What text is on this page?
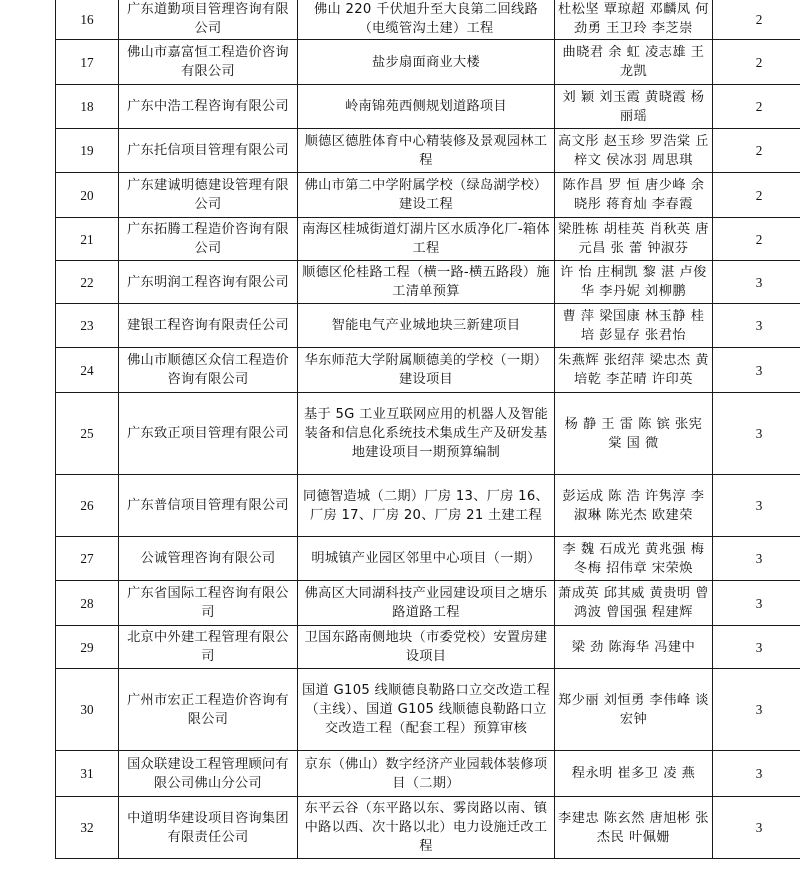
16	广东道勤项目管理咨询有限公司	佛山 220 千伏旭升至大良第二回线路（电缆管沟土建）工程	杜松坚 覃琼超 邓麟凤 何劲勇 王卫玲 李芝崇	2
17	佛山市嘉富恒工程造价咨询有限公司	盐步扇面商业大楼	曲晓君 余 虹 凌志雄 王龙凯	2
18	广东中浩工程咨询有限公司	岭南锦苑西侧规划道路项目	刘 颖 刘玉霞 黄晓霞 杨丽瑶	2
19	广东托信项目管理有限公司	顺德区德胜体育中心精装修及景观园林工程	高文彤 赵玉珍 罗浩棠 丘梓文 侯冰羽 周思琪	2
20	广东建诚明德建设管理有限公司	佛山市第二中学附属学校（绿岛湖学校）建设工程	陈作昌 罗 恒 唐少峰 余晓彤 蒋育灿 李春霞	2
21	广东拓腾工程造价咨询有限公司	南海区桂城街道灯湖片区水质净化厂-箱体工程	梁胜栋 胡桂英 肖秋英 唐元昌 张 蕾 钟淑芬	2
22	广东明润工程咨询有限公司	顺德区伦桂路工程（横一路-横五路段）施工清单预算	许 怡 庄桐凯 黎 湛 卢俊华 李丹妮 刘柳鹏	3
23	建银工程咨询有限责任公司	智能电气产业城地块三新建项目	曹 萍 梁国康 林玉静 桂 培 彭显存 张君怡	3
24	佛山市顺德区众信工程造价咨询有限公司	华东师范大学附属顺德美的学校（一期）建设项目	朱燕辉 张绍萍 梁忠杰 黄培乾 李芷晴 许印英	3
25	广东致正项目管理有限公司	基于 5G 工业互联网应用的机器人及智能装备和信息化系统技术集成生产及研发基地建设项目一期预算编制	杨 静 王 雷 陈 镔 张宪棠 国 微	3
26	广东普信项目管理有限公司	同德智造城（二期）厂房 13、厂房 16、厂房 17、厂房 20、厂房 21 土建工程	彭运成 陈 浩 许隽淳 李淑琳 陈光杰 欧建荣	3
27	公诚管理咨询有限公司	明城镇产业园区邻里中心项目（一期）	李 魏 石成光 黄兆强 梅冬梅 招伟章 宋荣焕	3
28	广东省国际工程咨询有限公司	佛高区大同湖科技产业园建设项目之塘乐路道路工程	萧成英 邱其威 黄贵明 曾鸿波 曾国强 程建辉	3
29	北京中外建工程管理有限公司	卫国东路南侧地块（市委党校）安置房建设项目	梁 劲 陈海华 冯建中	3
30	广州市宏正工程造价咨询有限公司	国道 G105 线顺德良勒路口立交改造工程（主线）、国道 G105 线顺德良勒路口立交改造工程（配套工程）预算审核	郑少丽 刘恒勇 李伟峰 谈宏钟	3
31	国众联建设工程管理顾问有限公司佛山分公司	京东（佛山）数字经济产业园载体装修项目（二期）	程永明 崔多卫 凌 燕	3
32	中道明华建设项目咨询集团有限责任公司	东平云谷（东平路以东、雾岗路以南、镇中路以西、次十路以北）电力设施迁改工程	李建忠 陈玄然 唐旭彬 张杰民 叶佩姗	3
